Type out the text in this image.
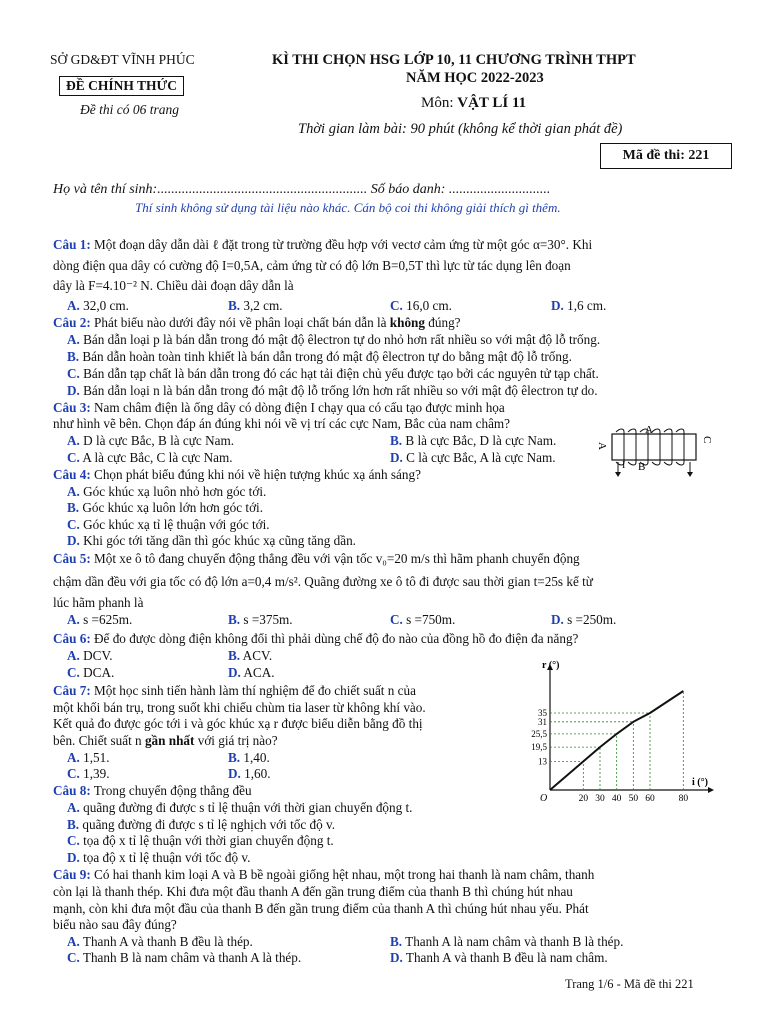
SỞ GD&ĐT VĨNH PHÚC
ĐỀ CHÍNH THỨC
Đề thi có 06 trang
KÌ THI CHỌN HSG LỚP 10, 11 CHƯƠNG TRÌNH THPT
NĂM HỌC 2022-2023
Môn: VẬT LÍ 11
Thời gian làm bài: 90 phút (không kể thời gian phát đề)
Mã đề thi: 221
Họ và tên thí sinh:............................................................ Số báo danh: .............................
Thí sinh không sử dụng tài liệu nào khác. Cán bộ coi thi không giải thích gì thêm.
Câu 1: Một đoạn dây dẫn dài ℓ đặt trong từ trường đều hợp với vectơ cảm ứng từ một góc α=30°. Khi
dòng điện qua dây có cường độ I=0,5A, cảm ứng từ có độ lớn B=0,5T thì lực từ tác dụng lên đoạn
dây là F=4.10⁻² N. Chiều dài đoạn dây dẫn là
A. 32,0 cm.	B. 3,2 cm.	C. 16,0 cm.	D. 1,6 cm.
Câu 2: Phát biểu nào dưới đây nói về phân loại chất bán dẫn là không đúng?
A. Bán dẫn loại p là bán dẫn trong đó mật độ êlectron tự do nhỏ hơn rất nhiều so với mật độ lỗ trống.
B. Bán dẫn hoàn toàn tinh khiết là bán dẫn trong đó mật độ êlectron tự do bằng mật độ lỗ trống.
C. Bán dẫn tạp chất là bán dẫn trong đó các hạt tải điện chủ yếu được tạo bởi các nguyên tử tạp chất.
D. Bán dẫn loại n là bán dẫn trong đó mật độ lỗ trống lớn hơn rất nhiều so với mật độ êlectron tự do.
Câu 3: Nam châm điện là ống dây có dòng điện I chạy qua có cấu tạo được minh họa
như hình vẽ bên. Chọn đáp án đúng khi nói về vị trí các cực Nam, Bắc của nam châm?
A. D là cực Bắc, B là cực Nam.	B. B là cực Bắc, D là cực Nam.
C. A là cực Bắc, C là cực Nam.	D. C là cực Bắc, A là cực Nam.
A
A
C
I B
Câu 4: Chọn phát biểu đúng khi nói về hiện tượng khúc xạ ánh sáng?
A. Góc khúc xạ luôn nhỏ hơn góc tới.
B. Góc khúc xạ luôn lớn hơn góc tới.
C. Góc khúc xạ tỉ lệ thuận với góc tới.
D. Khi góc tới tăng dần thì góc khúc xạ cũng tăng dần.
Câu 5: Một xe ô tô đang chuyển động thẳng đều với vận tốc v₀=20 m/s thì hãm phanh chuyển động
chậm dần đều với gia tốc có độ lớn a=0,4 m/s². Quãng đường xe ô tô đi được sau thời gian t=25s kể từ
lúc hãm phanh là
A. s =625m.	B. s =375m.	C. s =750m.	D. s =250m.
Câu 6: Để đo được dòng điện không đổi thì phải dùng chế độ đo nào của đồng hồ đo điện đa năng?
A. DCV.	B. ACV.
C. DCA.	D. ACA.
Câu 7: Một học sinh tiến hành làm thí nghiệm để đo chiết suất n của
một khối bán trụ, trong suốt khi chiếu chùm tia laser từ không khí vào.
Kết quả đo được góc tới i và góc khúc xạ r được biểu diễn bằng đồ thị
bên. Chiết suất n gần nhất với giá trị nào?
A. 1,51.	B. 1,40.
C. 1,39.	D. 1,60.
20 30 40 50 60	80
13
19,5
25,5
31
35
O
r (°)
i (°)
Câu 8: Trong chuyển động thẳng đều
A. quãng đường đi được s tỉ lệ thuận với thời gian chuyển động t.
B. quãng đường đi được s tỉ lệ nghịch với tốc độ v.
C. tọa độ x tỉ lệ thuận với thời gian chuyển động t.
D. tọa độ x tỉ lệ thuận với tốc độ v.
Câu 9: Có hai thanh kim loại A và B bề ngoài giống hệt nhau, một trong hai thanh là nam châm, thanh
còn lại là thanh thép. Khi đưa một đầu thanh A đến gần trung điểm của thanh B thì chúng hút nhau
mạnh, còn khi đưa một đầu của thanh B đến gần trung điểm của thanh A thì chúng hút nhau yếu. Phát
biểu nào sau đây đúng?
A. Thanh A và thanh B đều là thép.	B. Thanh A là nam châm và thanh B là thép.
C. Thanh B là nam châm và thanh A là thép.	D. Thanh A và thanh B đều là nam châm.
Trang 1/6 - Mã đề thi 221
